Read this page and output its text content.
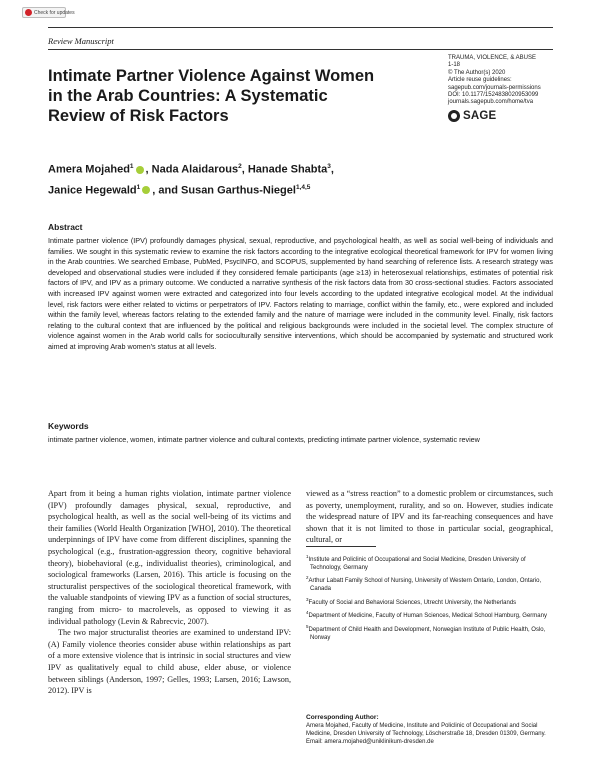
Check for updates
Review Manuscript
Intimate Partner Violence Against Women in the Arab Countries: A Systematic Review of Risk Factors
TRAUMA, VIOLENCE, & ABUSE
1-18
© The Author(s) 2020
Article reuse guidelines:
sagepub.com/journals-permissions
DOI: 10.1177/1524838020953099
journals.sagepub.com/home/tva
SAGE
Amera Mojahed$^1$ , Nada Alaidarous$^2$, Hanade Shabta$^3$,
Janice Hegewald$^1$ , and Susan Garthus-Niegel$^{1,4,5}$
Abstract
Intimate partner violence (IPV) profoundly damages physical, sexual, reproductive, and psychological health, as well as social well-being of individuals and families. We sought in this systematic review to examine the risk factors according to the integrative ecological theoretical framework for IPV for women living in the Arab countries. We searched Embase, PubMed, PsycINFO, and SCOPUS, supplemented by hand searching of reference lists. A research strategy was developed and observational studies were included if they considered female participants (age ≥13) in heterosexual relationships, estimates of potential risk factors of IPV, and IPV as a primary outcome. We conducted a narrative synthesis of the risk factors data from 30 cross-sectional studies. Factors associated with increased IPV against women were extracted and categorized into four levels according to the updated integrative ecological model. At the individual level, risk factors were either related to victims or perpetrators of IPV. Factors relating to marriage, conflict within the family, etc., were explored and included within the family level, whereas factors relating to the extended family and the nature of marriage were included in the community level. Finally, risk factors relating to the cultural context that are influenced by the political and religious backgrounds were included in the societal level. The complex structure of violence against women in the Arab world calls for socioculturally sensitive interventions, which should be accompanied by systematic and structured work aimed at improving Arab women's status at all levels.
Keywords
intimate partner violence, women, intimate partner violence and cultural contexts, predicting intimate partner violence, systematic review

Apart from it being a human rights violation, intimate partner violence (IPV) profoundly damages physical, sexual, reproductive, and psychological health, as well as the social well-being of its victims and their families (World Health Organization [WHO], 2010). The theoretical underpinnings of IPV have come from different disciplines, spanning the psychological (e.g., frustration-aggression theory, cognitive behavioral theory), biobehavioral (e.g., individualist theories), criminological, and sociological frameworks (Larsen, 2016). This article is focusing on the structuralist perspectives of the sociological theoretical framework, with the valuable standpoints of viewing IPV as a function of social structures, ranging from micro- to macrolevels, as opposed to viewing it as individual pathology (Levin & Rabrecvic, 2007).

The two major structuralist theories are examined to understand IPV: (A) Family violence theories consider abuse within relationships as part of a more extensive violence that is intrinsic in social structures and view IPV as qualitatively equal to child abuse, elder abuse, or violence between siblings (Anderson, 1997; Gelles, 1993; Larsen, 2016; Lawson, 2012). IPV is

viewed as a “stress reaction” to a domestic problem or circumstances, such as poverty, unemployment, rurality, and so on. However, studies indicate the widespread nature of IPV and its far-reaching consequences and have shown that it is not limited to those in particular social, geographical, cultural, or
$^1$Institute and Policlinic of Occupational and Social Medicine, Dresden University of Technology, Germany
$^2$Arthur Labatt Family School of Nursing, University of Western Ontario, London, Ontario, Canada
$^3$Faculty of Social and Behavioral Sciences, Utrecht University, the Netherlands
$^4$Department of Medicine, Faculty of Human Sciences, Medical School Hamburg, Germany
$^5$Department of Child Health and Development, Norwegian Institute of Public Health, Oslo, Norway
Corresponding Author:
Amera Mojahed, Faculty of Medicine, Institute and Policlinic of Occupational and Social Medicine, Dresden University of Technology, Löscherstraße 18, Dresden 01309, Germany.
Email: amera.mojahed@uniklinikum-dresden.de
